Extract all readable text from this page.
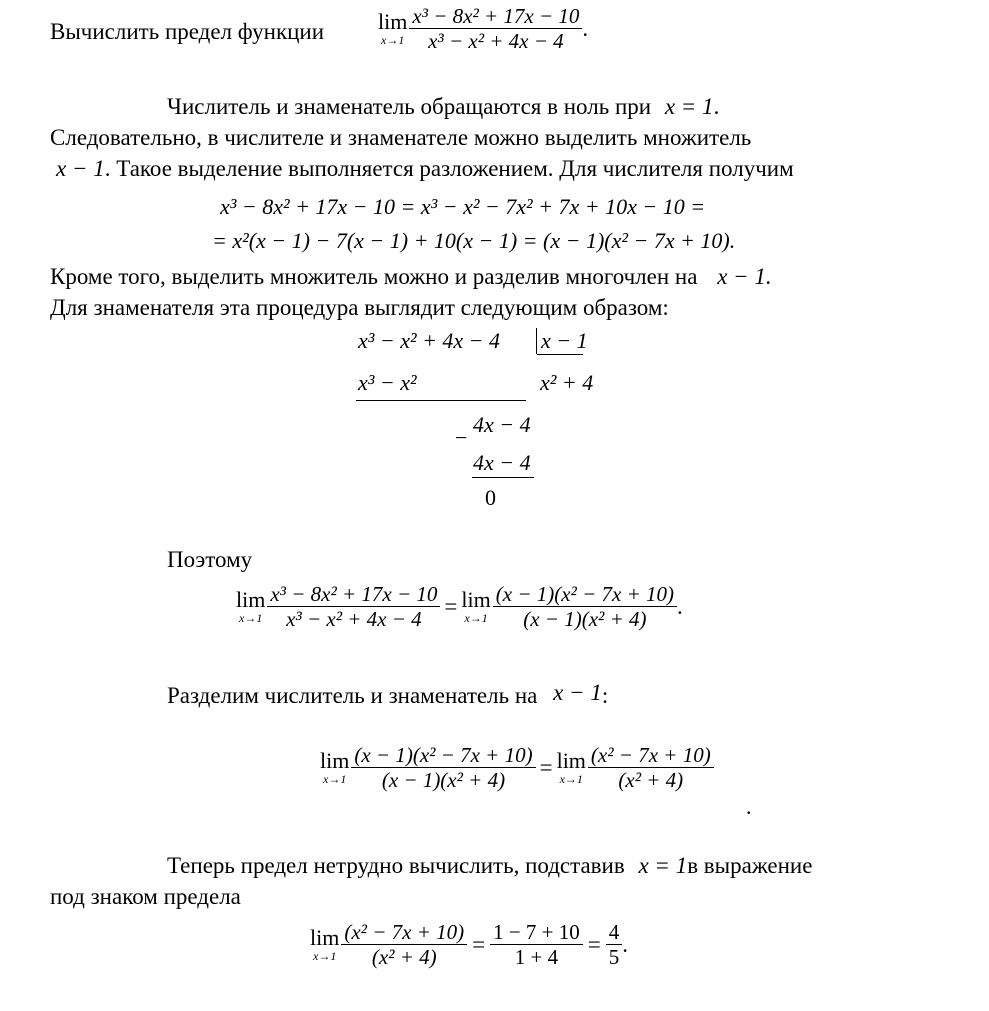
Вычислить предел функции lim
$x\to 1 \frac{\text{x³ − 8x² + 17x − 10}}{\text{x³ − x² + 4x − 4}}$ .
Числитель и знаменатель обращаются в ноль при x = 1.
Следовательно, в числителе и знаменателе можно выделить множитель
x − 1. Такое выделение выполняется разложением. Для числителя получим
x³ − 8x² + 17x − 10 = x³ − x² − 7x² + 7x + 10x − 10 =
= x²(x − 1) − 7(x − 1) + 10(x − 1) = (x − 1)(x² − 7x + 10).
Кроме того, выделить множитель можно и разделив многочлен на x − 1.
Для знаменателя эта процедура выглядит следующим образом:
x³ − x² + 4x − 4 x − 1
x³ − x²	x² + 4
−
4x − 4
4x − 4
0
Поэтому
lim
$x\to 1 \frac{\text{x³ − 8x² + 17x − 10}}{\text{x³ − x² + 4x − 4}} = \lim$
$x\to 1 \frac{\text{(x − 1)(x² − 7x + 10)}}{\text{(x − 1)(x² + 4)}}$ .
Разделим числитель и знаменатель на x − 1:
lim
$x\to 1 \frac{\text{(x − 1)(x² − 7x + 10)}}{\text{(x − 1)(x² + 4)}} = \lim$
$x\to 1 \frac{\text{(x² − 7x + 10)}}{\text{(x² + 4)}}$
.
Теперь предел нетрудно вычислить, подставив x = 1в выражение
под знаком предела
lim
$x\to 1 \frac{\text{(x² − 7x + 10)}}{\text{(x² + 4)}} = \frac{1 - 7 + 10}{1 + 4} = \frac{4}{5}$ .
